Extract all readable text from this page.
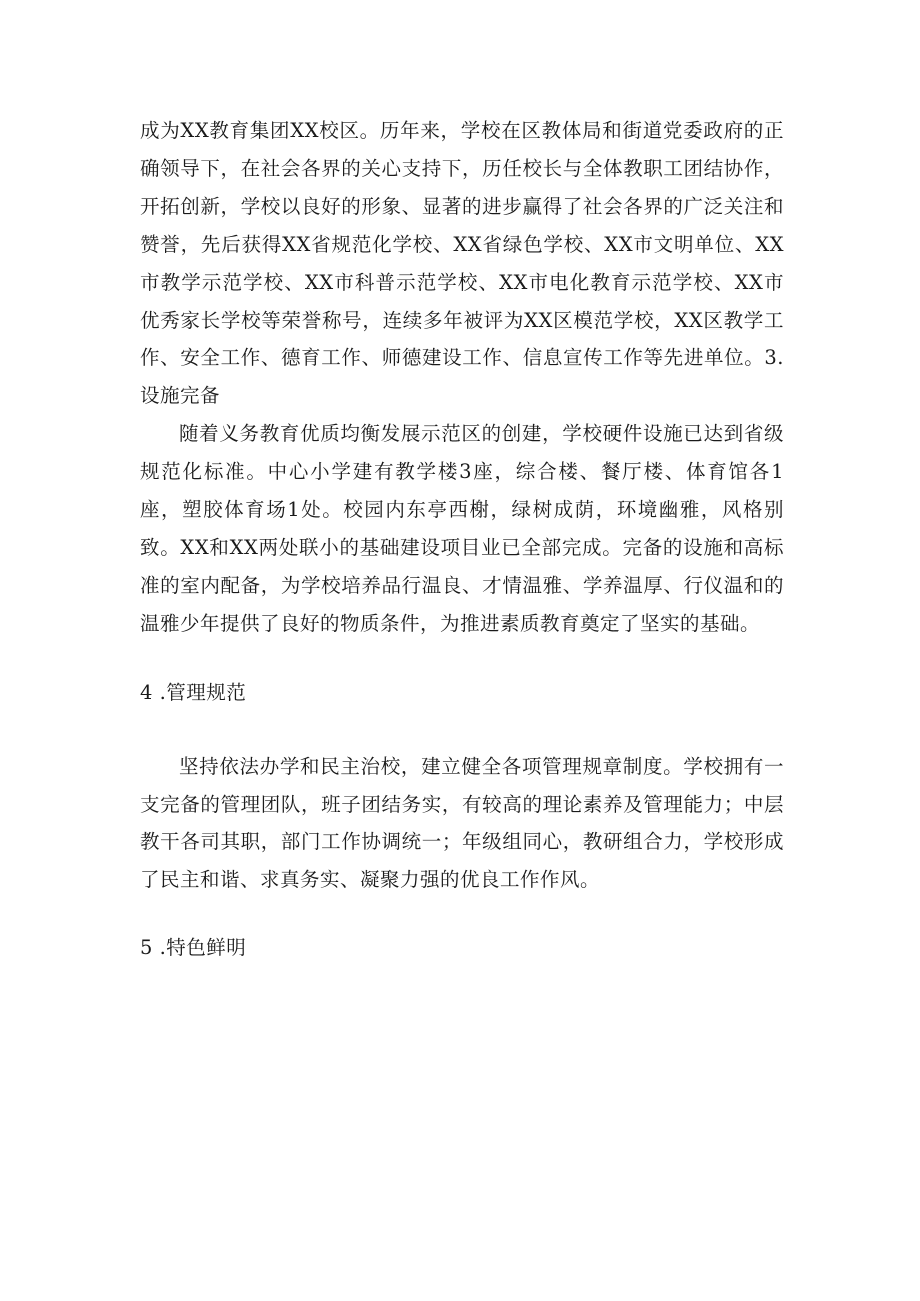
成为XX教育集团XX校区。历年来，学校在区教体局和街道党委政府的正确领导下，在社会各界的关心支持下，历任校长与全体教职工团结协作，开拓创新，学校以良好的形象、显著的进步赢得了社会各界的广泛关注和赞誉，先后获得XX省规范化学校、XX省绿色学校、XX市文明单位、XX市教学示范学校、XX市科普示范学校、XX市电化教育示范学校、XX市优秀家长学校等荣誉称号，连续多年被评为XX区模范学校，XX区教学工作、安全工作、德育工作、师德建设工作、信息宣传工作等先进单位。3.设施完备

随着义务教育优质均衡发展示范区的创建，学校硬件设施已达到省级规范化标准。中心小学建有教学楼3座，综合楼、餐厅楼、体育馆各1座，塑胶体育场1处。校园内东亭西榭，绿树成荫，环境幽雅，风格别致。XX和XX两处联小的基础建设项目业已全部完成。完备的设施和高标准的室内配备，为学校培养品行温良、才情温雅、学养温厚、行仪温和的温雅少年提供了良好的物质条件，为推进素质教育奠定了坚实的基础。

4 .管理规范

坚持依法办学和民主治校，建立健全各项管理规章制度。学校拥有一支完备的管理团队，班子团结务实，有较高的理论素养及管理能力；中层教干各司其职，部门工作协调统一；年级组同心，教研组合力，学校形成了民主和谐、求真务实、凝聚力强的优良工作作风。

5 .特色鲜明
